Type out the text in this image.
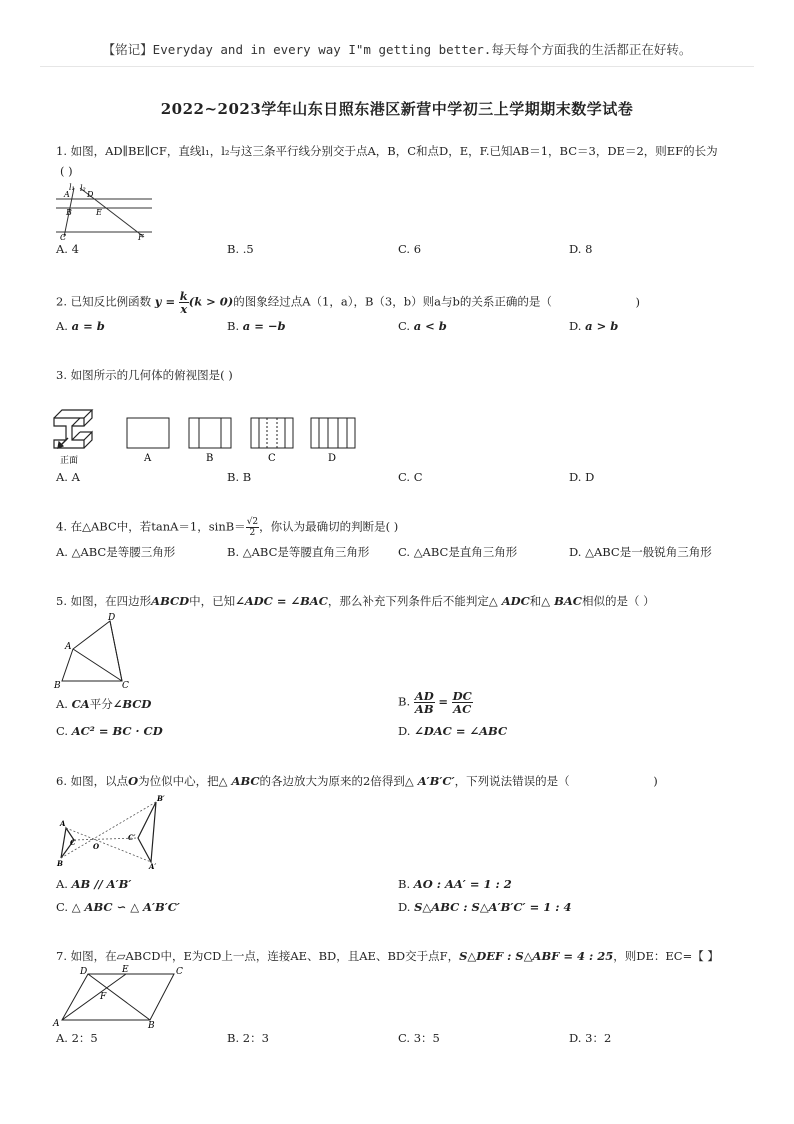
【铭记】Everyday and in every way I"m getting better.每天每个方面我的生活都正在好转。
2022~2023学年山东日照东港区新营中学初三上学期期末数学试卷
1. 如图，AD∥BE∥CF，直线l₁，l₂与这三条平行线分别交于点A，B，C和点D，E，F.已知AB＝1，BC＝3，DE＝2，则EF的长为
( )
l₁ l₂
A D
B	E
C	F
A. 4	B. .5	C. 6	D. 8
2. 已知反比例函数 $y = \frac{k}{x} (k > 0)$的图象经过点A（1，a），B（3，b）则a与b的关系正确的是（	)
A. a = b	B. a = −b	C. a < b	D. a > b
3. 如图所示的几何体的俯视图是( )
正面	A	B	C	D
A. A	B. B	C. C	D. D
4. 在△ABC中，若tanA＝1，$\sin B= \frac{√2}{2}$ ，你认为最确切的判断是( )
A. △ABC是等腰三角形	B. △ABC是等腰直角三角形 C. △ABC是直角三角形	D. △ABC是一般锐角三角形
5. 如图，在四边形ABCD中，已知∠ADC = ∠BAC，那么补充下列条件后不能判定△ ADC和△ BAC相似的是（ ）
D
A
B	C
A. CA平分∠BCD	B. $\frac{AD}{AB} = \frac{DC}{AC}$
C. AC² = BC · CD	D. ∠DAC = ∠ABC
6. 如图，以点O为位似中心，把△ ABC的各边放大为原来的2倍得到△ A′B′C′，下列说法错误的是（	)
B′
A
C O
C′
B	A′
A. AB // A′B′	B. AO : AA′ = 1 : 2
C. △ ABC ∽ △ A′B′C′	D. S△ABC : S△A′B′C′ = 1 : 4
7. 如图，在▱ABCD中，E为CD上一点，连接AE、BD，且AE、BD交于点F，S△DEF : S△ABF = 4 : 25，则DE：EC=【 】
D	E	C
F
A	B
A. 2：5	B. 2：3	C. 3：5	D. 3：2
